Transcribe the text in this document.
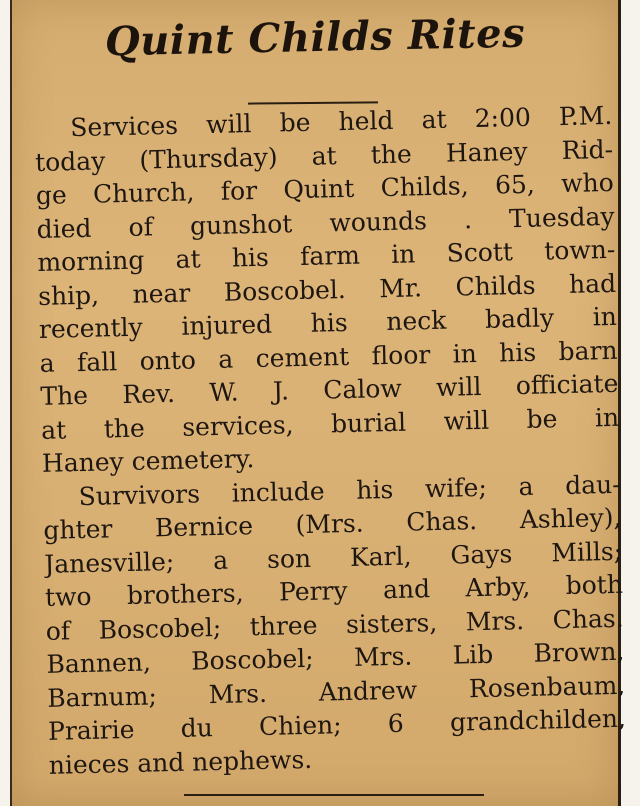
Quint Childs Rites
Services will be held at 2:00 P.M.
today (Thursday) at the Haney Rid-
ge Church, for Quint Childs, 65, who
died of gunshot wounds . Tuesday
morning at his farm in Scott town-
ship, near Boscobel. Mr. Childs had
recently injured his neck badly in
a fall onto a cement floor in his barn
The Rev. W. J. Calow will officiate
at the services, burial will be in
Haney cemetery.
Survivors include his wife; a dau-
ghter Bernice (Mrs. Chas. Ashley),
Janesville; a son Karl, Gays Mills;
two brothers, Perry and Arby, both
of Boscobel; three sisters, Mrs. Chas.
Bannen, Boscobel; Mrs. Lib Brown,
Barnum; Mrs. Andrew Rosenbaum,
Prairie du Chien; 6 grandchilden,
nieces and nephews.
